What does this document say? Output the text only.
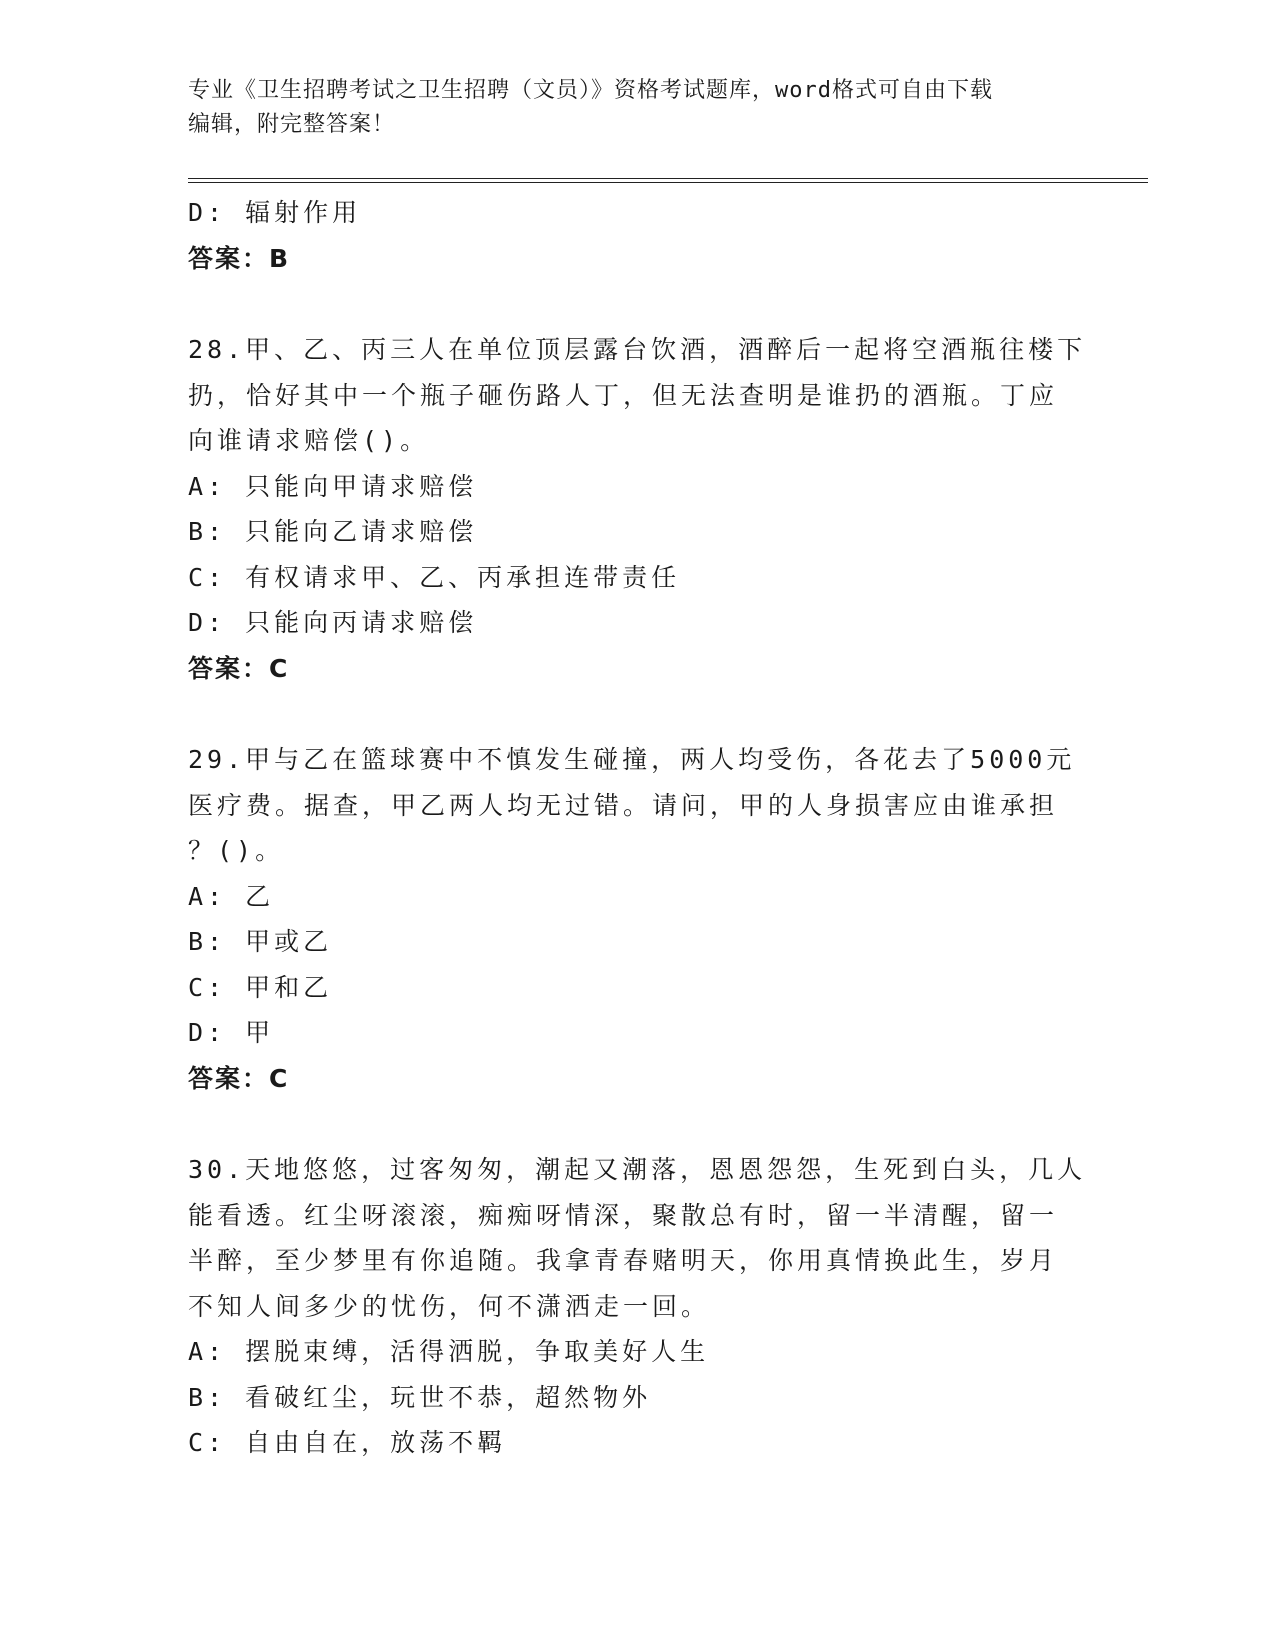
专业《卫生招聘考试之卫生招聘（文员）》资格考试题库，word格式可自由下载
编辑，附完整答案！
D: 辐射作用
答案：B
28.甲、乙、丙三人在单位顶层露台饮酒，酒醉后一起将空酒瓶往楼下
扔，恰好其中一个瓶子砸伤路人丁，但无法查明是谁扔的酒瓶。丁应
向谁请求赔偿()。
A: 只能向甲请求赔偿
B: 只能向乙请求赔偿
C: 有权请求甲、乙、丙承担连带责任
D: 只能向丙请求赔偿
答案：C
29.甲与乙在篮球赛中不慎发生碰撞，两人均受伤，各花去了5000元
医疗费。据查，甲乙两人均无过错。请问，甲的人身损害应由谁承担
？()。
A: 乙
B: 甲或乙
C: 甲和乙
D: 甲
答案：C
30.天地悠悠，过客匆匆，潮起又潮落，恩恩怨怨，生死到白头，几人
能看透。红尘呀滚滚，痴痴呀情深，聚散总有时，留一半清醒，留一
半醉，至少梦里有你追随。我拿青春赌明天，你用真情换此生，岁月
不知人间多少的忧伤，何不潇洒走一回。
A: 摆脱束缚，活得洒脱，争取美好人生
B: 看破红尘，玩世不恭，超然物外
C: 自由自在，放荡不羁
